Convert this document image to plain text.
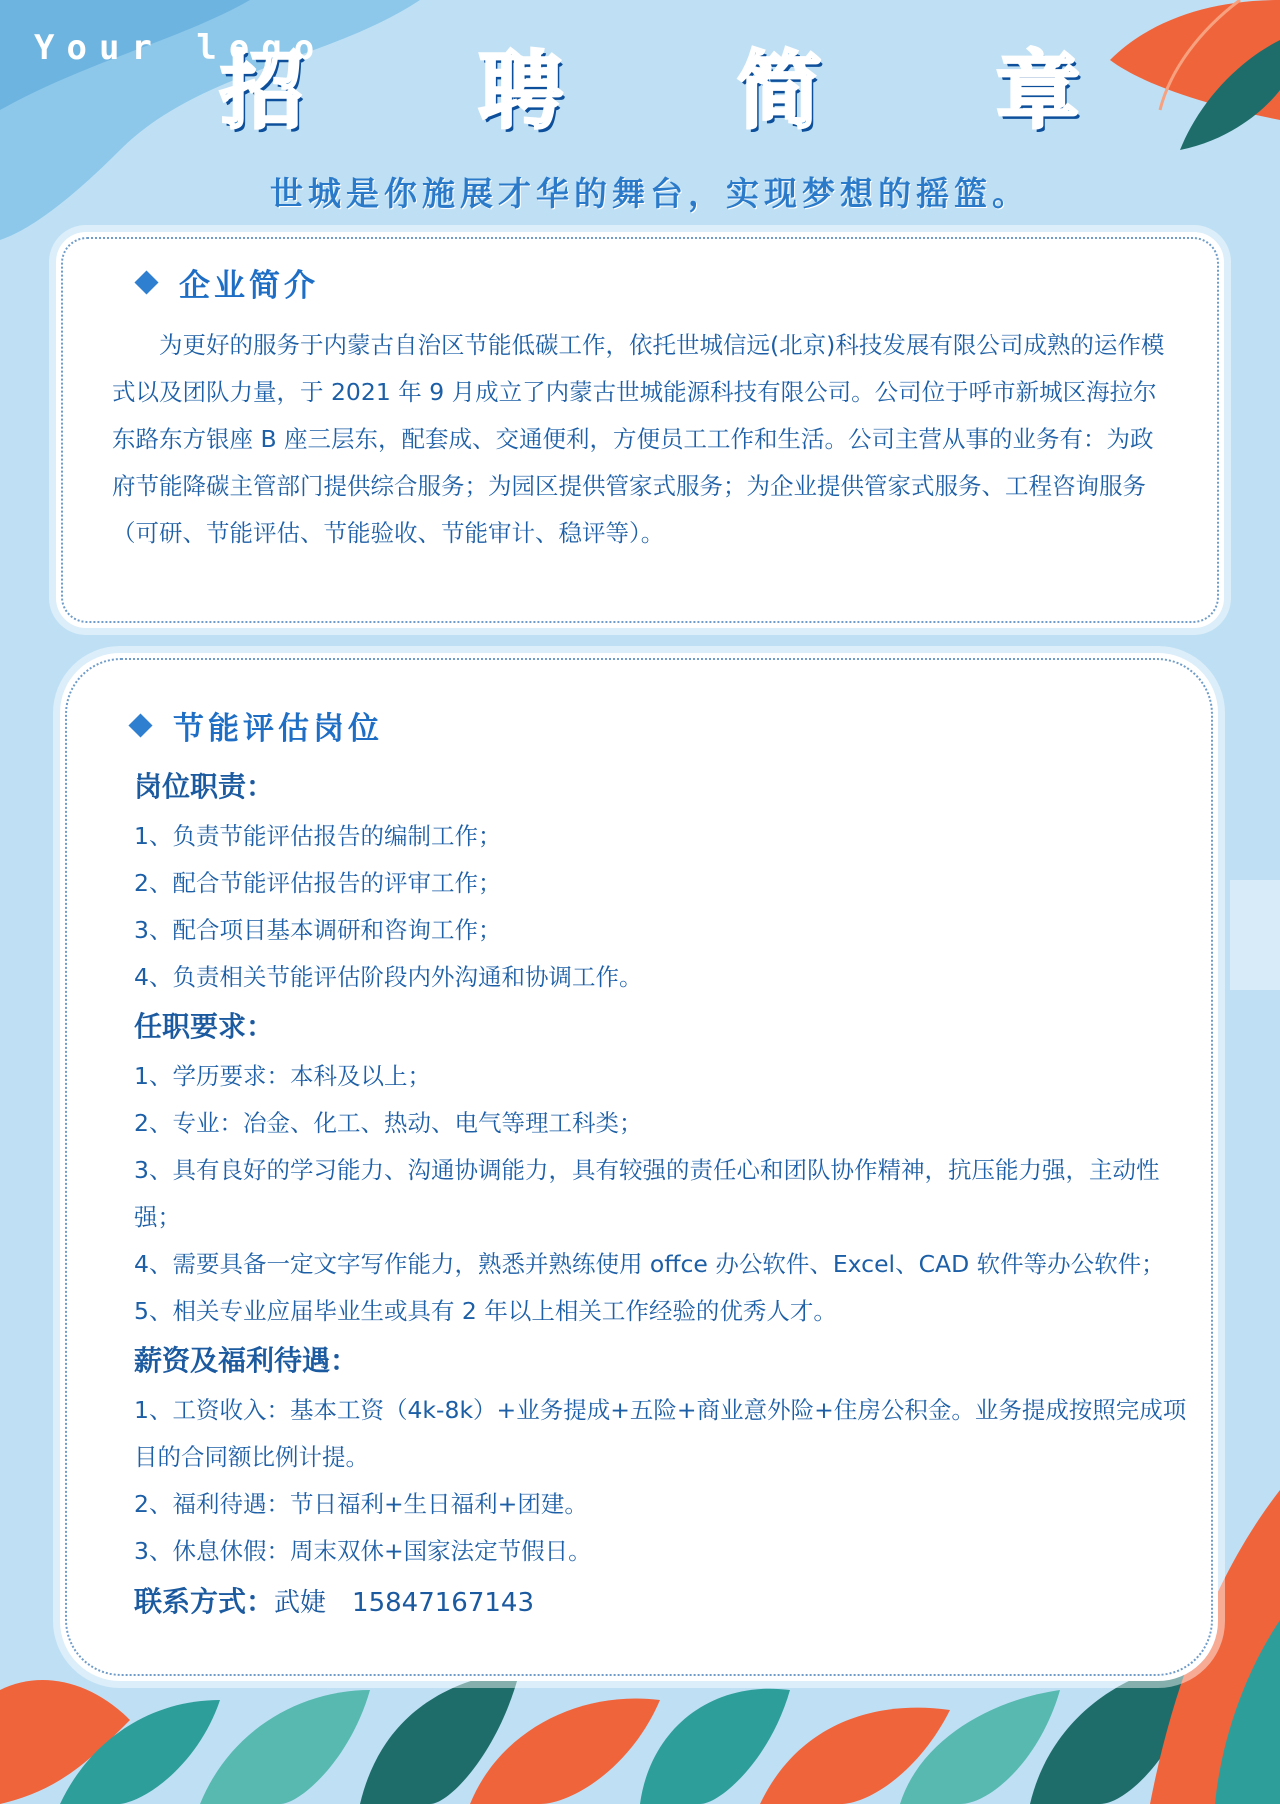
Your logo
招 聘 简 章
世城是你施展才华的舞台，实现梦想的摇篮。
企业简介
为更好的服务于内蒙古自治区节能低碳工作，依托世城信远(北京)科技发展有限公司成熟的运作模式以及团队力量，于 2021 年 9 月成立了内蒙古世城能源科技有限公司。公司位于呼市新城区海拉尔东路东方银座 B 座三层东，配套成、交通便利，方便员工工作和生活。公司主营从事的业务有：为政府节能降碳主管部门提供综合服务；为园区提供管家式服务；为企业提供管家式服务、工程咨询服务（可研、节能评估、节能验收、节能审计、稳评等）。
节能评估岗位
岗位职责：
1、负责节能评估报告的编制工作；
2、配合节能评估报告的评审工作；
3、配合项目基本调研和咨询工作；
4、负责相关节能评估阶段内外沟通和协调工作。
任职要求：
1、学历要求：本科及以上；
2、专业：冶金、化工、热动、电气等理工科类；
3、具有良好的学习能力、沟通协调能力，具有较强的责任心和团队协作精神，抗压能力强，主动性强；
4、需要具备一定文字写作能力，熟悉并熟练使用 offce 办公软件、Excel、CAD 软件等办公软件；
5、相关专业应届毕业生或具有 2 年以上相关工作经验的优秀人才。
薪资及福利待遇：
1、工资收入：基本工资（4k-8k）+业务提成+五险+商业意外险+住房公积金。业务提成按照完成项目的合同额比例计提。
2、福利待遇：节日福利+生日福利+团建。
3、休息休假：周末双休+国家法定节假日。
联系方式：武婕 15847167143
